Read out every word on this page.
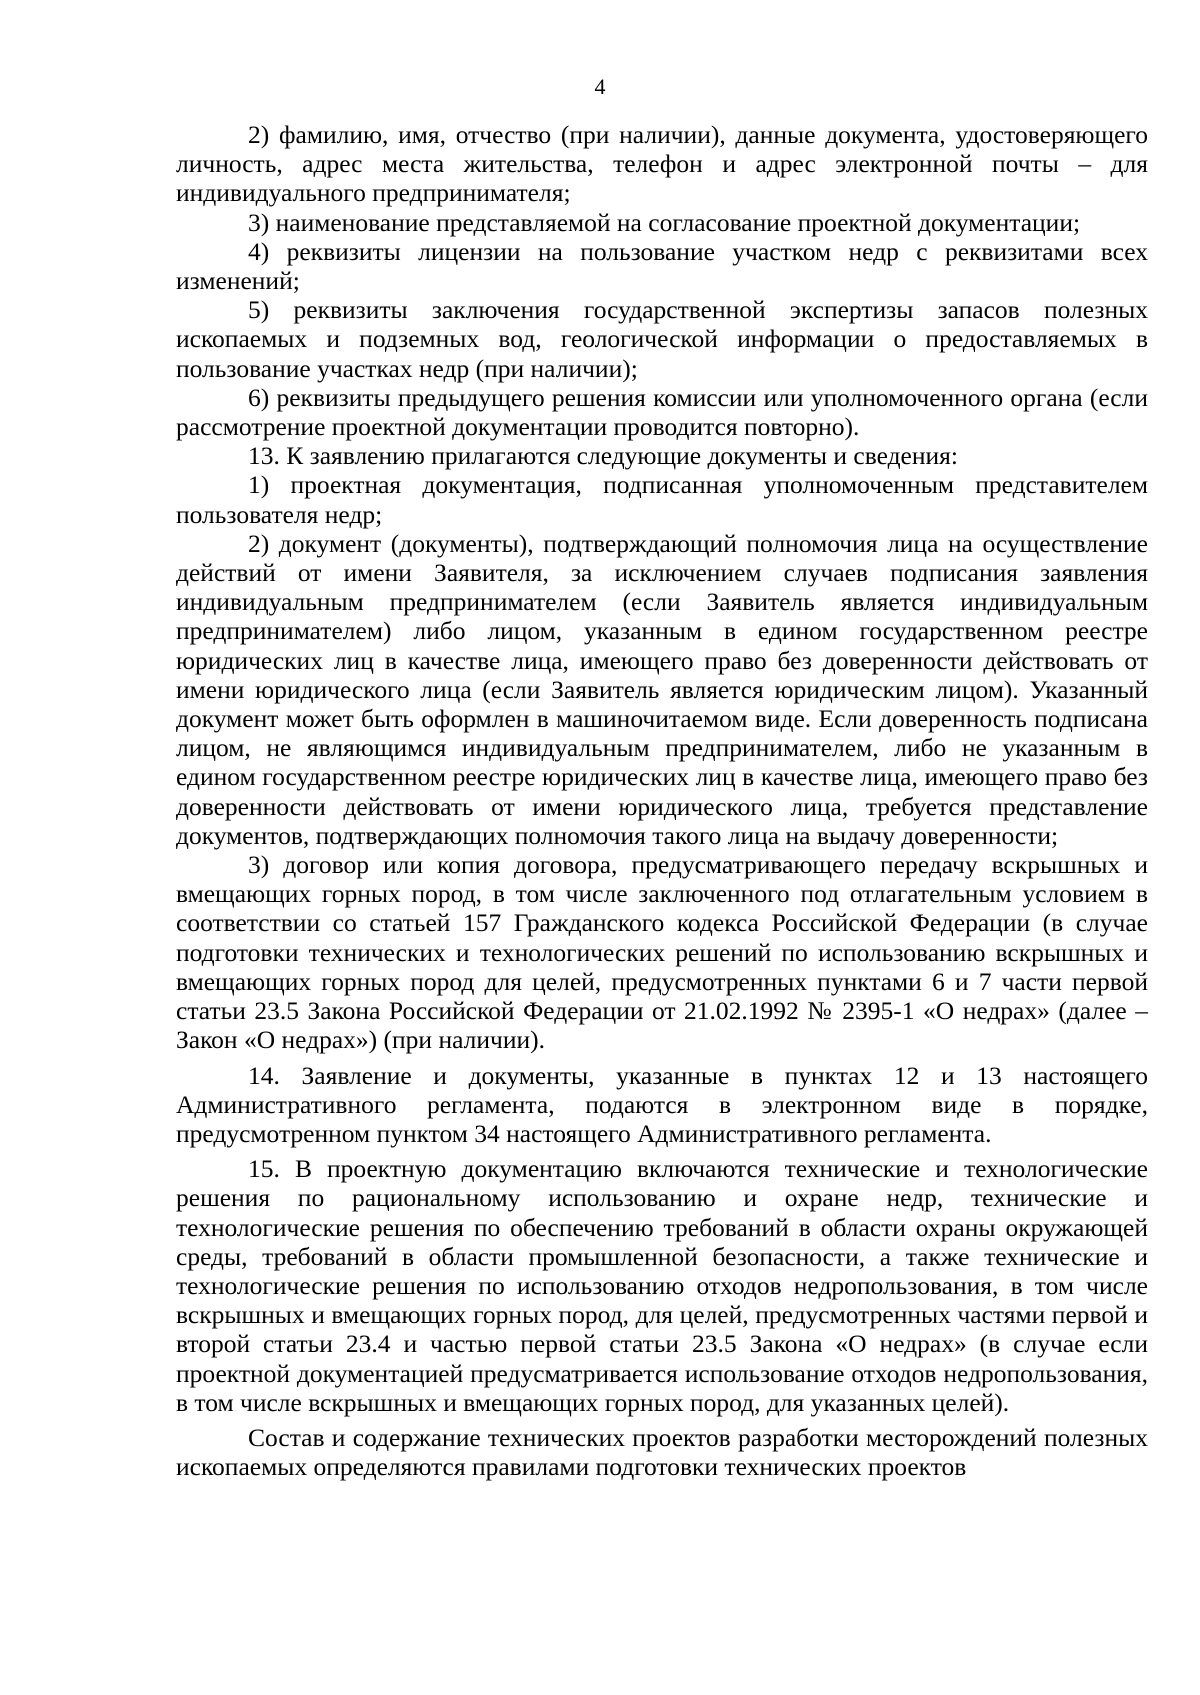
4

2) фамилию, имя, отчество (при наличии), данные документа, удостоверяющего личность, адрес места жительства, телефон и адрес электронной почты – для индивидуального предпринимателя;

3) наименование представляемой на согласование проектной документации;

4) реквизиты лицензии на пользование участком недр с реквизитами всех изменений;

5) реквизиты заключения государственной экспертизы запасов полезных ископаемых и подземных вод, геологической информации о предоставляемых в пользование участках недр (при наличии);

6) реквизиты предыдущего решения комиссии или уполномоченного органа (если рассмотрение проектной документации проводится повторно).

13. К заявлению прилагаются следующие документы и сведения:

1) проектная документация, подписанная уполномоченным представителем пользователя недр;

2) документ (документы), подтверждающий полномочия лица на осуществление действий от имени Заявителя, за исключением случаев подписания заявления индивидуальным предпринимателем (если Заявитель является индивидуальным предпринимателем) либо лицом, указанным в едином государственном реестре юридических лиц в качестве лица, имеющего право без доверенности действовать от имени юридического лица (если Заявитель является юридическим лицом). Указанный документ может быть оформлен в машиночитаемом виде. Если доверенность подписана лицом, не являющимся индивидуальным предпринимателем, либо не указанным в едином государственном реестре юридических лиц в качестве лица, имеющего право без доверенности действовать от имени юридического лица, требуется представление документов, подтверждающих полномочия такого лица на выдачу доверенности;

3) договор или копия договора, предусматривающего передачу вскрышных и вмещающих горных пород, в том числе заключенного под отлагательным условием в соответствии со статьей 157 Гражданского кодекса Российской Федерации (в случае подготовки технических и технологических решений по использованию вскрышных и вмещающих горных пород для целей, предусмотренных пунктами 6 и 7 части первой статьи 23.5 Закона Российской Федерации от 21.02.1992 № 2395-1 «О недрах» (далее – Закон «О недрах») (при наличии).

14. Заявление и документы, указанные в пунктах 12 и 13 настоящего Административного регламента, подаются в электронном виде в порядке, предусмотренном пунктом 34 настоящего Административного регламента.

15. В проектную документацию включаются технические и технологические решения по рациональному использованию и охране недр, технические и технологические решения по обеспечению требований в области охраны окружающей среды, требований в области промышленной безопасности, а также технические и технологические решения по использованию отходов недропользования, в том числе вскрышных и вмещающих горных пород, для целей, предусмотренных частями первой и второй статьи 23.4 и частью первой статьи 23.5 Закона «О недрах» (в случае если проектной документацией предусматривается использование отходов недропользования, в том числе вскрышных и вмещающих горных пород, для указанных целей).

Состав и содержание технических проектов разработки месторождений полезных ископаемых определяются правилами подготовки технических проектов
